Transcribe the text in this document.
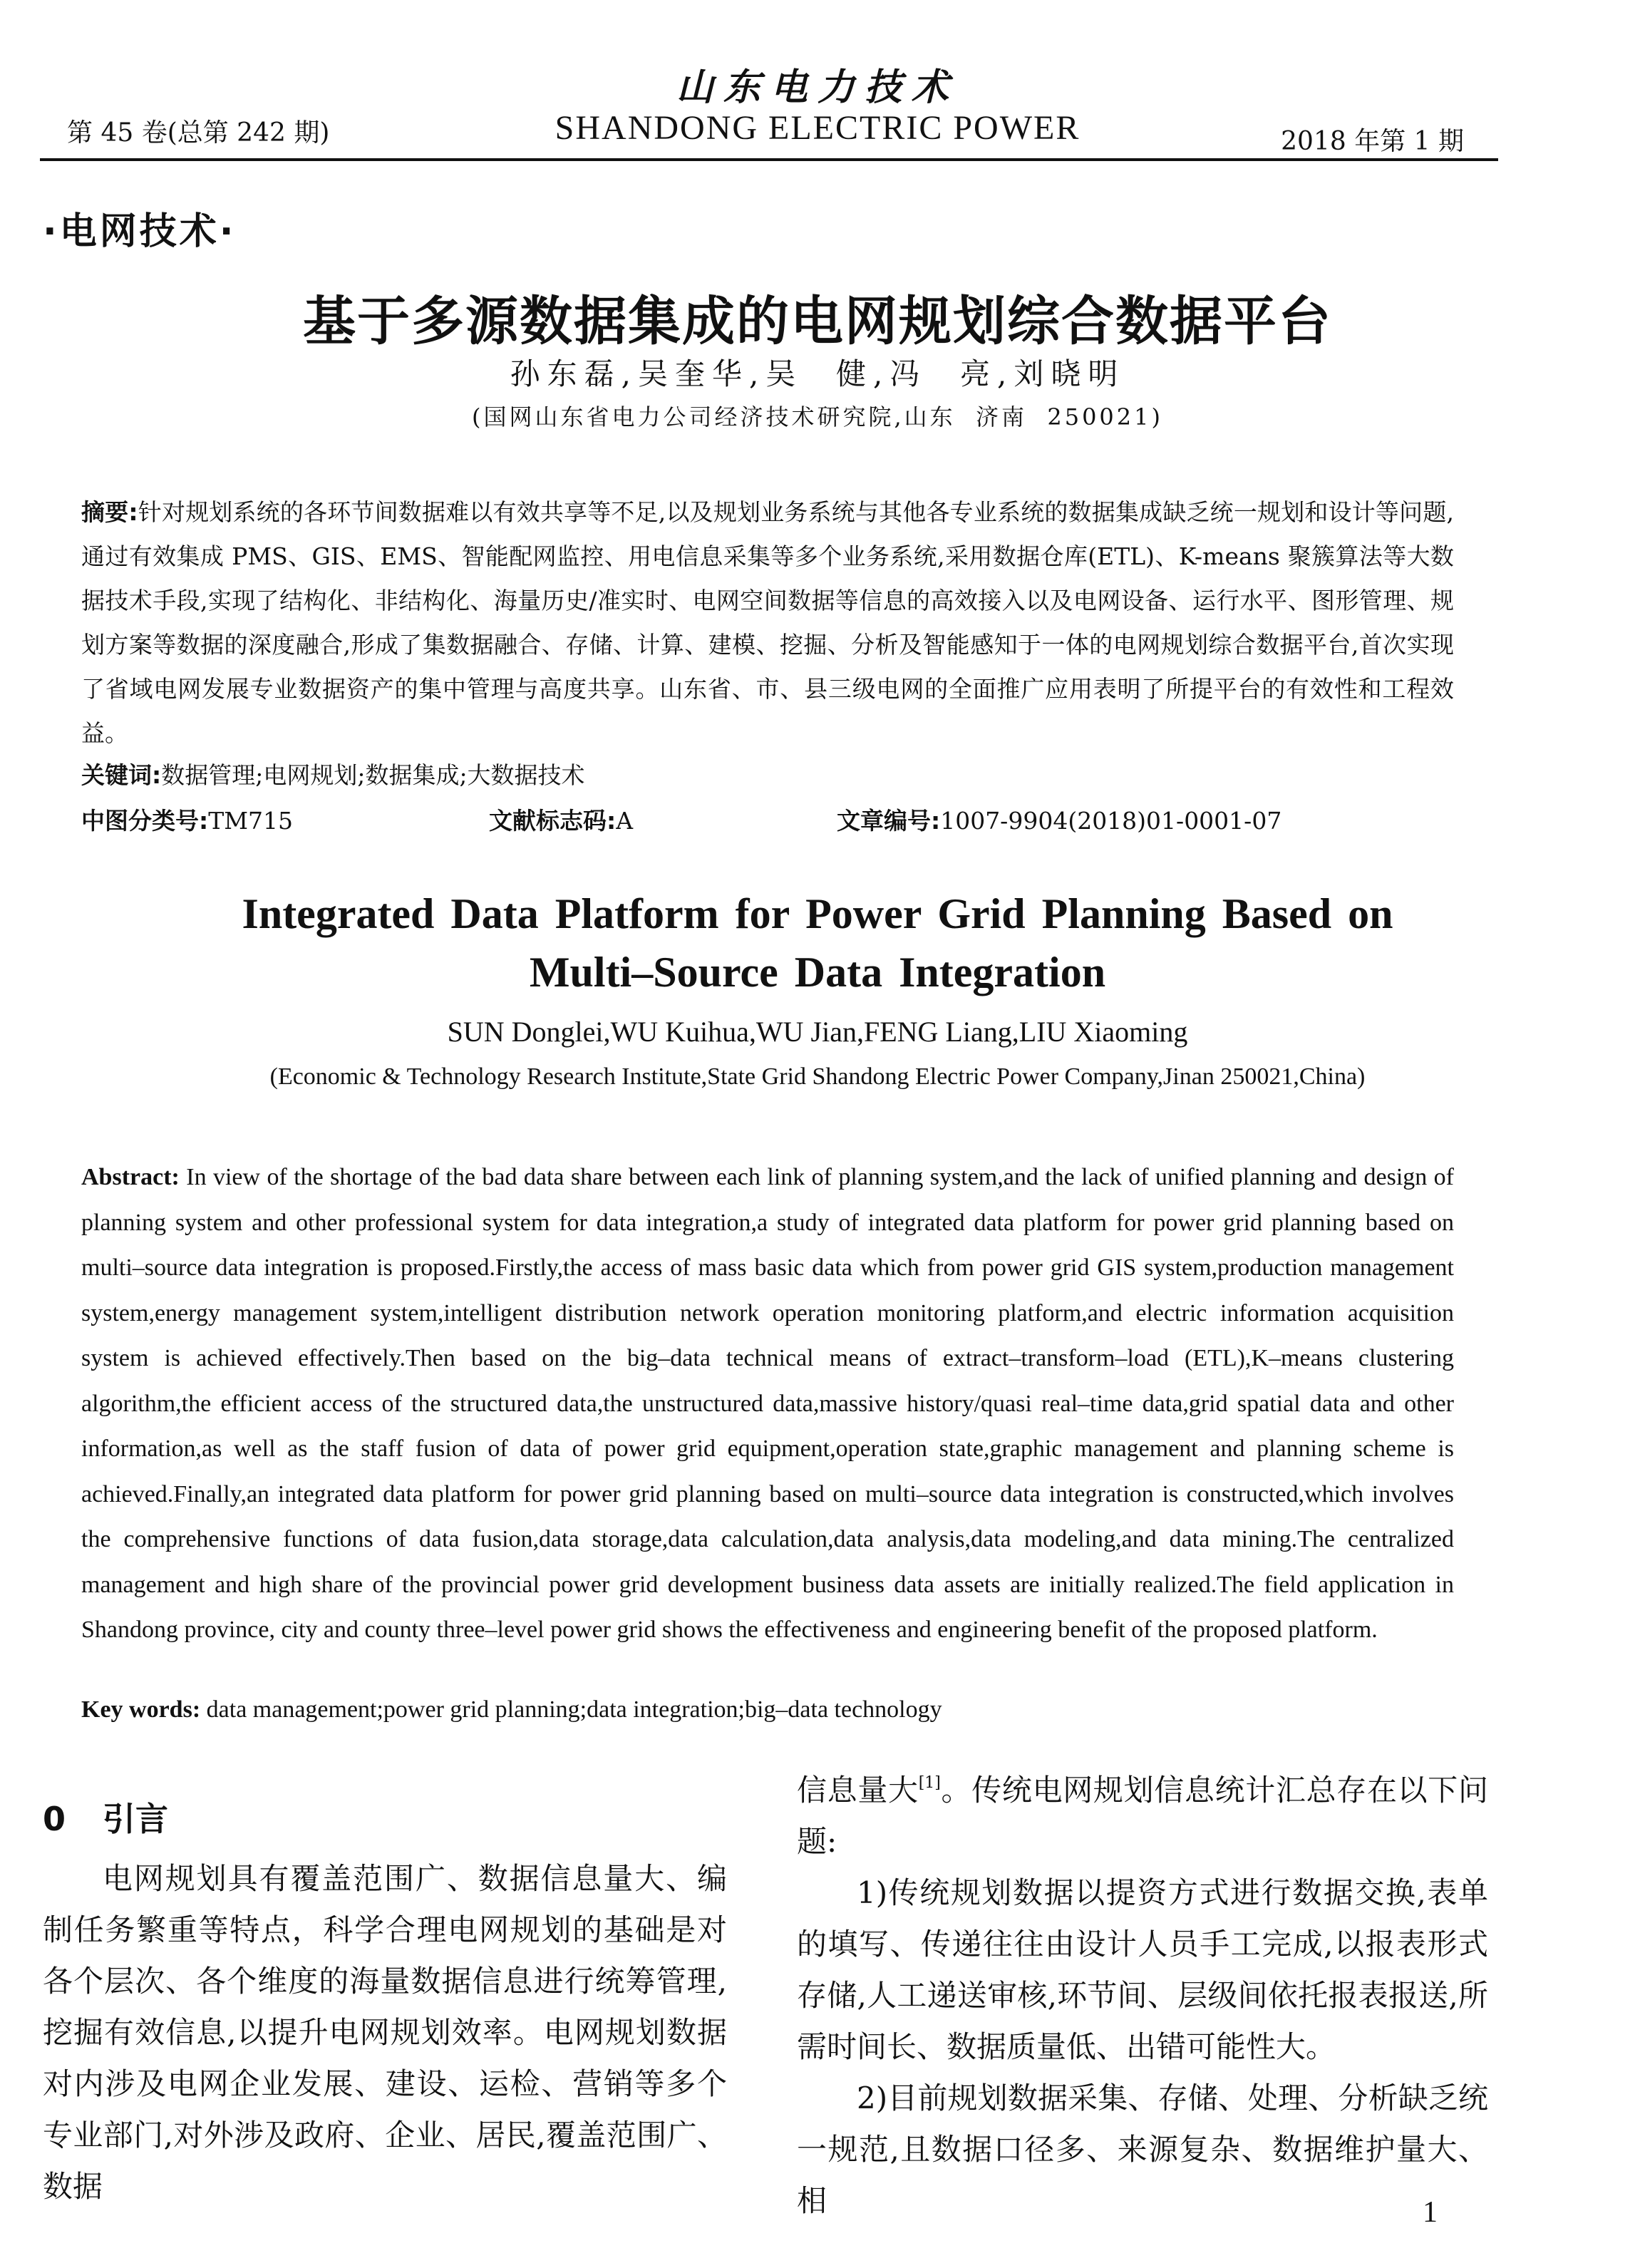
山东电力技术
第 45 卷(总第 242 期)	SHANDONG ELECTRIC POWER	2018 年第 1 期
·电网技术·
基于多源数据集成的电网规划综合数据平台
孙东磊,吴奎华,吴  健,冯  亮,刘晓明
(国网山东省电力公司经济技术研究院,山东  济南  250021)
摘要:针对规划系统的各环节间数据难以有效共享等不足,以及规划业务系统与其他各专业系统的数据集成缺乏统一规划和设计等问题,通过有效集成 PMS、GIS、EMS、智能配网监控、用电信息采集等多个业务系统,采用数据仓库(ETL)、K-means 聚簇算法等大数据技术手段,实现了结构化、非结构化、海量历史/准实时、电网空间数据等信息的高效接入以及电网设备、运行水平、图形管理、规划方案等数据的深度融合,形成了集数据融合、存储、计算、建模、挖掘、分析及智能感知于一体的电网规划综合数据平台,首次实现了省域电网发展专业数据资产的集中管理与高度共享。山东省、市、县三级电网的全面推广应用表明了所提平台的有效性和工程效益。
关键词:数据管理;电网规划;数据集成;大数据技术
中图分类号:TM715	文献标志码:A	文章编号:1007-9904(2018)01-0001-07
Integrated Data Platform for Power Grid Planning Based on
Multi–Source Data Integration
SUN Donglei,WU Kuihua,WU Jian,FENG Liang,LIU Xiaoming
(Economic & Technology Research Institute,State Grid Shandong Electric Power Company,Jinan 250021,China)
Abstract: In view of the shortage of the bad data share between each link of planning system,and the lack of unified planning and design of planning system and other professional system for data integration,a study of integrated data platform for power grid planning based on multi–source data integration is proposed.Firstly,the access of mass basic data which from power grid GIS system,production management system,energy management system,intelligent distribution network operation monitoring platform,and electric information acquisition system is achieved effectively.Then based on the big–data technical means of extract–transform–load (ETL),K–means clustering algorithm,the efficient access of the structured data,the unstructured data,massive history/quasi real–time data,grid spatial data and other information,as well as the staff fusion of data of power grid equipment,operation state,graphic management and planning scheme is achieved.Finally,an integrated data platform for power grid planning based on multi–source data integration is constructed,which involves the comprehensive functions of data fusion,data storage,data calculation,data analysis,data modeling,and data mining.The centralized management and high share of the provincial power grid development business data assets are initially realized.The field application in Shandong province, city and county three–level power grid shows the effectiveness and engineering benefit of the proposed platform.
Key words: data management;power grid planning;data integration;big–data technology
0 引言

电网规划具有覆盖范围广、数据信息量大、编制任务繁重等特点，科学合理电网规划的基础是对各个层次、各个维度的海量数据信息进行统筹管理,挖掘有效信息,以提升电网规划效率。电网规划数据对内涉及电网企业发展、建设、运检、营销等多个专业部门,对外涉及政府、企业、居民,覆盖范围广、数据

信息量大[1]。传统电网规划信息统计汇总存在以下问题:

1)传统规划数据以提资方式进行数据交换,表单的填写、传递往往由设计人员手工完成,以报表形式存储,人工递送审核,环节间、层级间依托报表报送,所需时间长、数据质量低、出错可能性大。

2)目前规划数据采集、存储、处理、分析缺乏统一规范,且数据口径多、来源复杂、数据维护量大、相	1
